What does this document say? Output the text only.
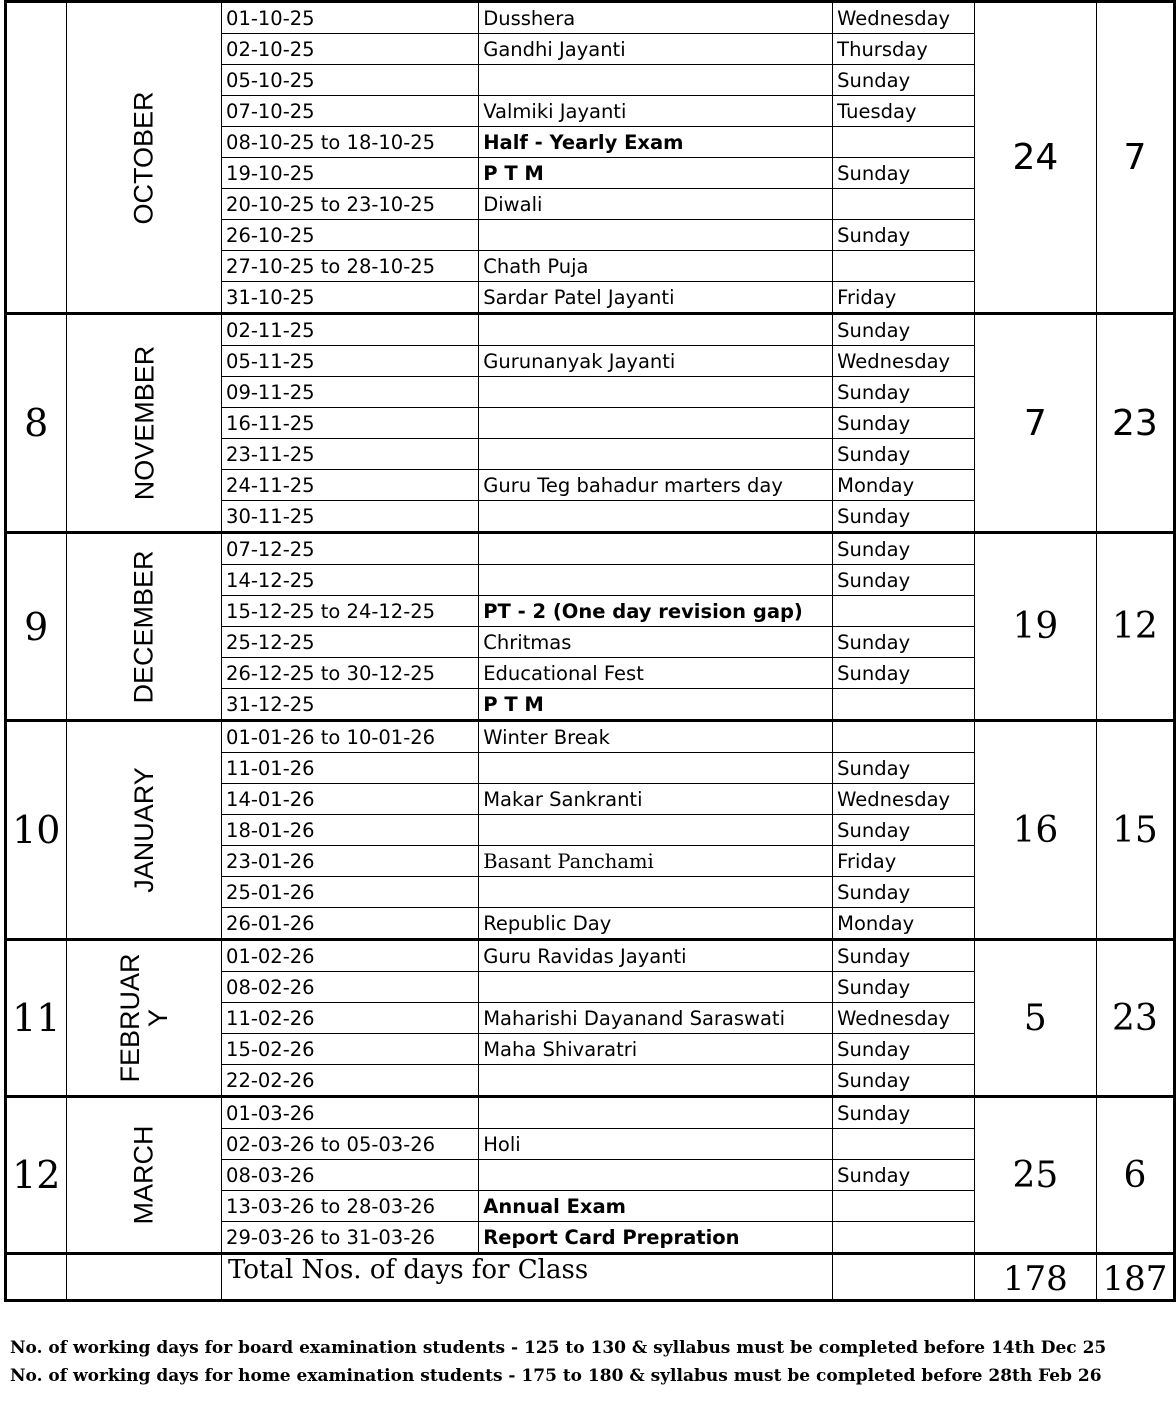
	OCTOBER	01-10-25	Dusshera	Wednesday	24	7
		02-10-25	Gandhi Jayanti	Thursday		
		05-10-25		Sunday		
		07-10-25	Valmiki Jayanti	Tuesday		
		08-10-25 to 18-10-25	Half - Yearly Exam			
		19-10-25	P T M	Sunday		
		20-10-25 to 23-10-25	Diwali			
		26-10-25		Sunday		
		27-10-25 to 28-10-25	Chath Puja			
		31-10-25	Sardar Patel Jayanti	Friday		
8	NOVEMBER	02-11-25		Sunday	7	23
		05-11-25	Gurunanyak Jayanti	Wednesday		
		09-11-25		Sunday		
		16-11-25		Sunday		
		23-11-25		Sunday		
		24-11-25	Guru Teg bahadur marters day	Monday		
		30-11-25		Sunday		
9	DECEMBER	07-12-25		Sunday	19	12
		14-12-25		Sunday		
		15-12-25 to 24-12-25	PT - 2 (One day revision gap)			
		25-12-25	Chritmas	Sunday		
		26-12-25 to 30-12-25	Educational Fest	Sunday		
		31-12-25	P T M			
10	JANUARY	01-01-26 to 10-01-26	Winter Break		16	15
		11-01-26		Sunday		
		14-01-26	Makar Sankranti	Wednesday		
		18-01-26		Sunday		
		23-01-26	Basant Panchami	Friday		
		25-01-26		Sunday		
		26-01-26	Republic Day	Monday		
11	FEBRUAR Y	01-02-26	Guru Ravidas Jayanti	Sunday	5	23
		08-02-26		Sunday		
		11-02-26	Maharishi Dayanand Saraswati	Wednesday		
		15-02-26	Maha Shivaratri	Sunday		
		22-02-26		Sunday		
12	MARCH	01-03-26		Sunday	25	6
		02-03-26 to 05-03-26	Holi			
		08-03-26		Sunday		
		13-03-26 to 28-03-26	Annual Exam			
		29-03-26 to 31-03-26	Report Card Prepration			
		Total Nos. of days for Class			178	187
No. of working days for board examination students - 125 to 130 & syllabus must be completed before 14th Dec 25
No. of working days for home examination students - 175 to 180 & syllabus must be completed before 28th Feb 26
